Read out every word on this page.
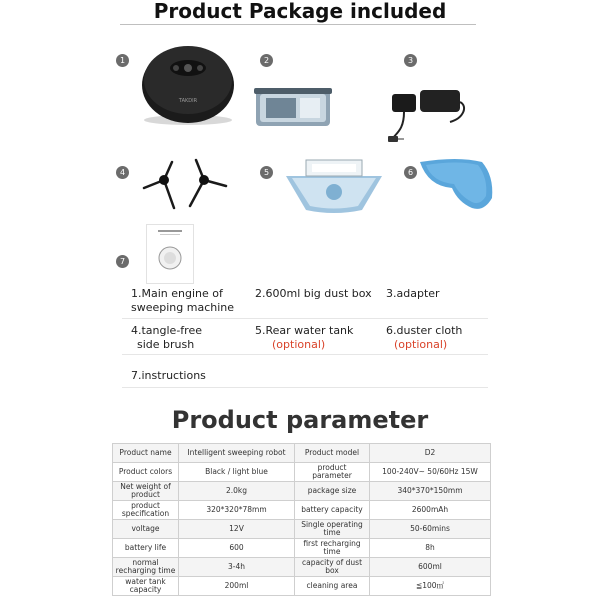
Product Package included
1
TAKDIR
2	3
4	5	6
7
1.Main engine of
sweeping machine
2.600ml big dust box 3.adapter
4.tangle-free
side brush
5.Rear water tank
(optional)
6.duster cloth
(optional)
7.instructions
Product parameter
Product name	Intelligent sweeping robot	Product model	D2
Product colors	Black / light blue	product parameter	100-240V~ 50/60Hz 15W
Net weight of product	2.0kg	package size	340*370*150mm
product specification	320*320*78mm	battery capacity	2600mAh
voltage	12V	Single operating time	50-60mins
battery life	600	first recharging time	8h
normal recharging time	3-4h	capacity of dust box	600ml
water tank capacity	200ml	cleaning area	≦100㎡
